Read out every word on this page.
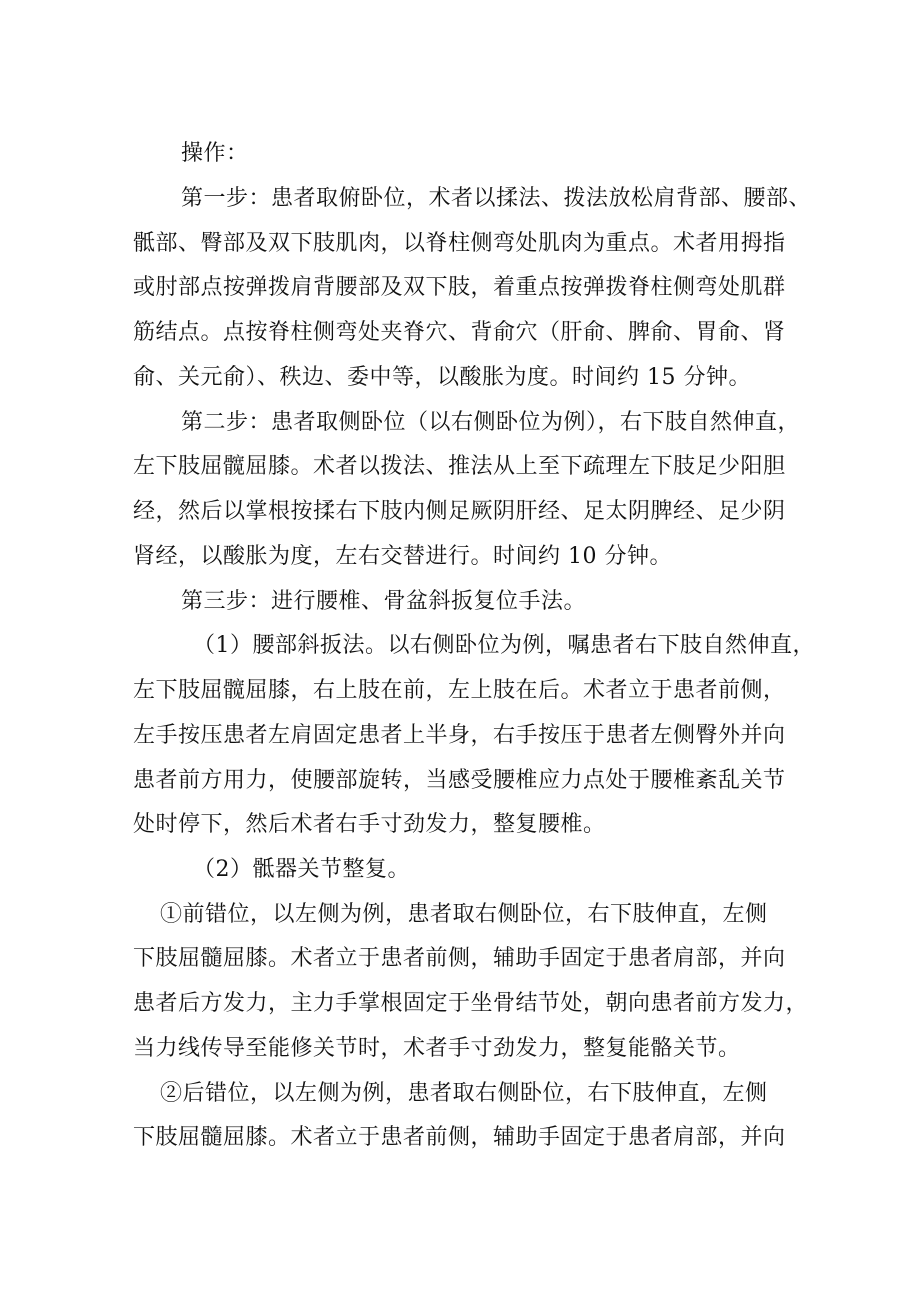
操作：
第一步：患者取俯卧位，术者以揉法、拨法放松肩背部、腰部、
骶部、臀部及双下肢肌肉，以脊柱侧弯处肌肉为重点。术者用拇指
或肘部点按弹拨肩背腰部及双下肢，着重点按弹拨脊柱侧弯处肌群
筋结点。点按脊柱侧弯处夹脊穴、背俞穴（肝俞、脾俞、胃俞、肾
俞、关元俞）、秩边、委中等，以酸胀为度。时间约 15 分钟。
第二步：患者取侧卧位（以右侧卧位为例），右下肢自然伸直，
左下肢屈髋屈膝。术者以拨法、推法从上至下疏理左下肢足少阳胆
经，然后以掌根按揉右下肢内侧足厥阴肝经、足太阴脾经、足少阴
肾经，以酸胀为度，左右交替进行。时间约 10 分钟。
第三步：进行腰椎、骨盆斜扳复位手法。
（1）腰部斜扳法。以右侧卧位为例，嘱患者右下肢自然伸直，
左下肢屈髋屈膝，右上肢在前，左上肢在后。术者立于患者前侧，
左手按压患者左肩固定患者上半身，右手按压于患者左侧臀外并向
患者前方用力，使腰部旋转，当感受腰椎应力点处于腰椎紊乱关节
处时停下，然后术者右手寸劲发力，整复腰椎。
（2）骶器关节整复。
①前错位，以左侧为例，患者取右侧卧位，右下肢伸直，左侧
下肢屈髓屈膝。术者立于患者前侧，辅助手固定于患者肩部，并向
患者后方发力，主力手掌根固定于坐骨结节处，朝向患者前方发力，
当力线传导至能修关节时，术者手寸劲发力，整复能骼关节。
②后错位，以左侧为例，患者取右侧卧位，右下肢伸直，左侧
下肢屈髓屈膝。术者立于患者前侧，辅助手固定于患者肩部，并向
